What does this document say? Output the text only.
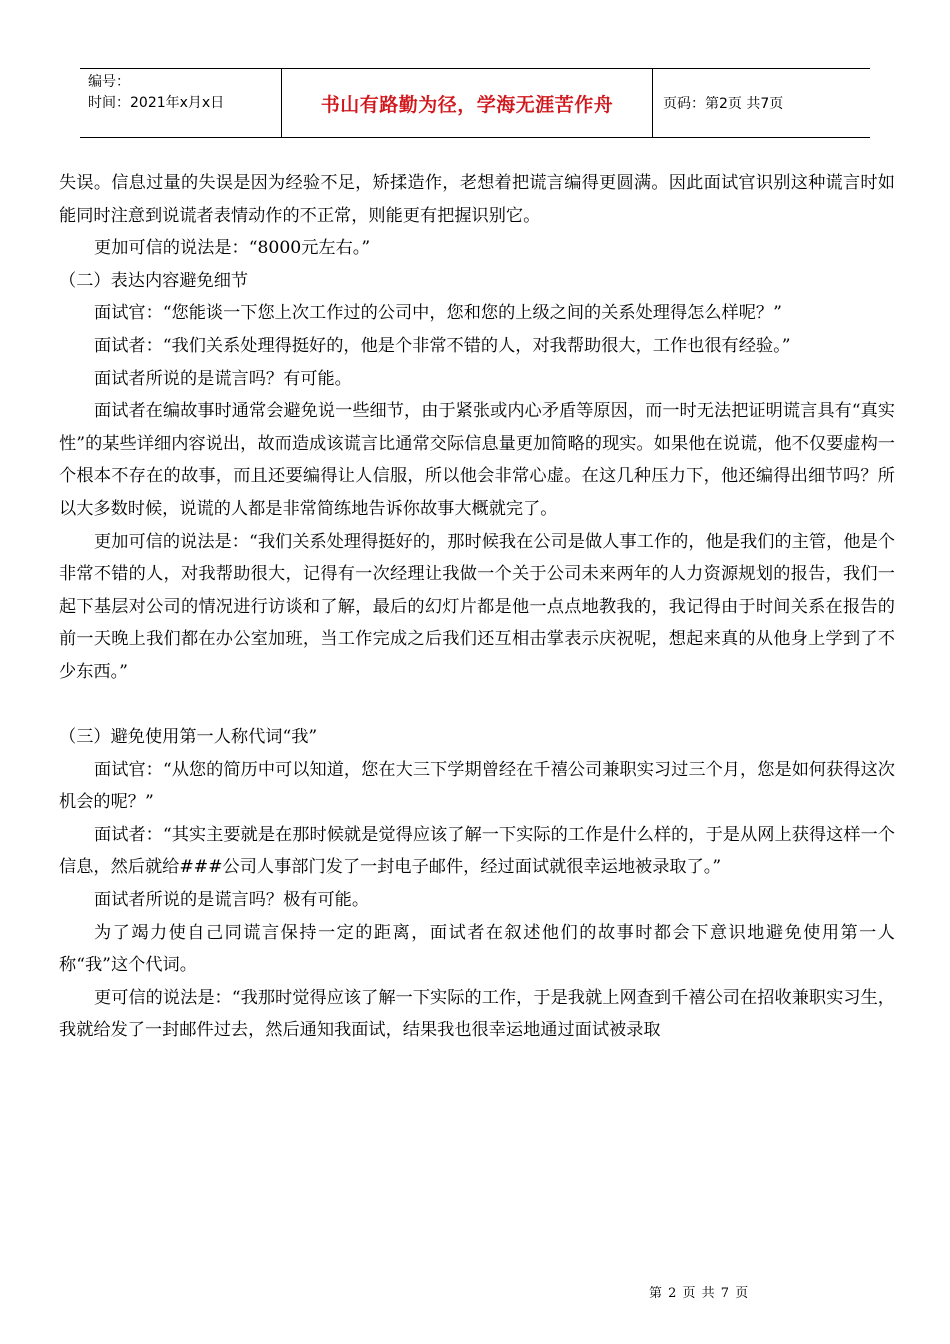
编号：
时间：2021年x月x日	书山有路勤为径，学海无涯苦作舟	页码：第2页 共7页

失误。信息过量的失误是因为经验不足，矫揉造作，老想着把谎言编得更圆满。因此面试官识别这种谎言时如能同时注意到说谎者表情动作的不正常，则能更有把握识别它。

更加可信的说法是：“8000元左右。”

（二）表达内容避免细节

面试官：“您能谈一下您上次工作过的公司中，您和您的上级之间的关系处理得怎么样呢？”

面试者：“我们关系处理得挺好的，他是个非常不错的人，对我帮助很大，工作也很有经验。”

面试者所说的是谎言吗？有可能。

面试者在编故事时通常会避免说一些细节，由于紧张或内心矛盾等原因，而一时无法把证明谎言具有“真实性”的某些详细内容说出，故而造成该谎言比通常交际信息量更加简略的现实。如果他在说谎，他不仅要虚构一个根本不存在的故事，而且还要编得让人信服，所以他会非常心虚。在这几种压力下，他还编得出细节吗？所以大多数时候，说谎的人都是非常简练地告诉你故事大概就完了。

更加可信的说法是：“我们关系处理得挺好的，那时候我在公司是做人事工作的，他是我们的主管，他是个非常不错的人，对我帮助很大，记得有一次经理让我做一个关于公司未来两年的人力资源规划的报告，我们一起下基层对公司的情况进行访谈和了解，最后的幻灯片都是他一点点地教我的，我记得由于时间关系在报告的前一天晚上我们都在办公室加班，当工作完成之后我们还互相击掌表示庆祝呢，想起来真的从他身上学到了不少东西。”

（三）避免使用第一人称代词“我”

面试官：“从您的简历中可以知道，您在大三下学期曾经在千禧公司兼职实习过三个月，您是如何获得这次机会的呢？”

面试者：“其实主要就是在那时候就是觉得应该了解一下实际的工作是什么样的，于是从网上获得这样一个信息，然后就给###公司人事部门发了一封电子邮件，经过面试就很幸运地被录取了。”

面试者所说的是谎言吗？极有可能。

为了竭力使自己同谎言保持一定的距离，面试者在叙述他们的故事时都会下意识地避免使用第一人称“我”这个代词。

更可信的说法是：“我那时觉得应该了解一下实际的工作，于是我就上网查到千禧公司在招收兼职实习生，我就给发了一封邮件过去，然后通知我面试，结果我也很幸运地通过面试被录取

第 2 页 共 7 页
